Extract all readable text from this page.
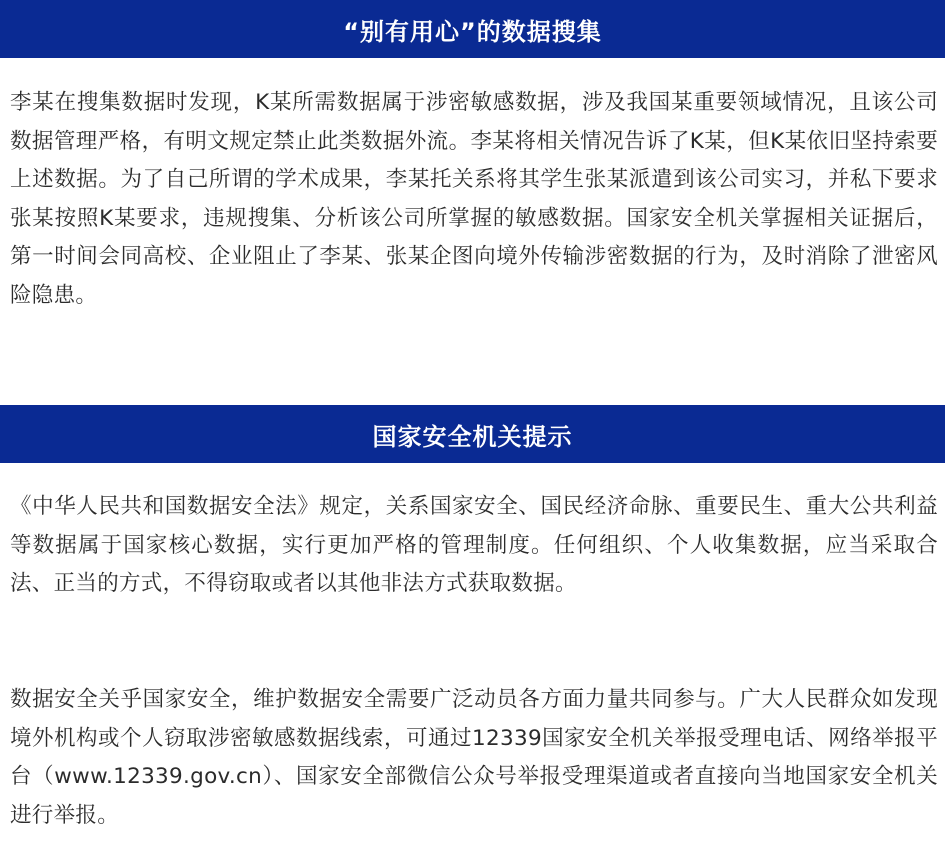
“别有用心”的数据搜集

李某在搜集数据时发现，K某所需数据属于涉密敏感数据，涉及我国某重要领域情况，且该公司数据管理严格，有明文规定禁止此类数据外流。李某将相关情况告诉了K某，但K某依旧坚持索要上述数据。为了自己所谓的学术成果，李某托关系将其学生张某派遣到该公司实习，并私下要求张某按照K某要求，违规搜集、分析该公司所掌握的敏感数据。国家安全机关掌握相关证据后，第一时间会同高校、企业阻止了李某、张某企图向境外传输涉密数据的行为，及时消除了泄密风险隐患。

国家安全机关提示

《中华人民共和国数据安全法》规定，关系国家安全、国民经济命脉、重要民生、重大公共利益等数据属于国家核心数据，实行更加严格的管理制度。任何组织、个人收集数据，应当采取合法、正当的方式，不得窃取或者以其他非法方式获取数据。

数据安全关乎国家安全，维护数据安全需要广泛动员各方面力量共同参与。广大人民群众如发现境外机构或个人窃取涉密敏感数据线索，可通过12339国家安全机关举报受理电话、网络举报平台（www.12339.gov.cn）、国家安全部微信公众号举报受理渠道或者直接向当地国家安全机关进行举报。
